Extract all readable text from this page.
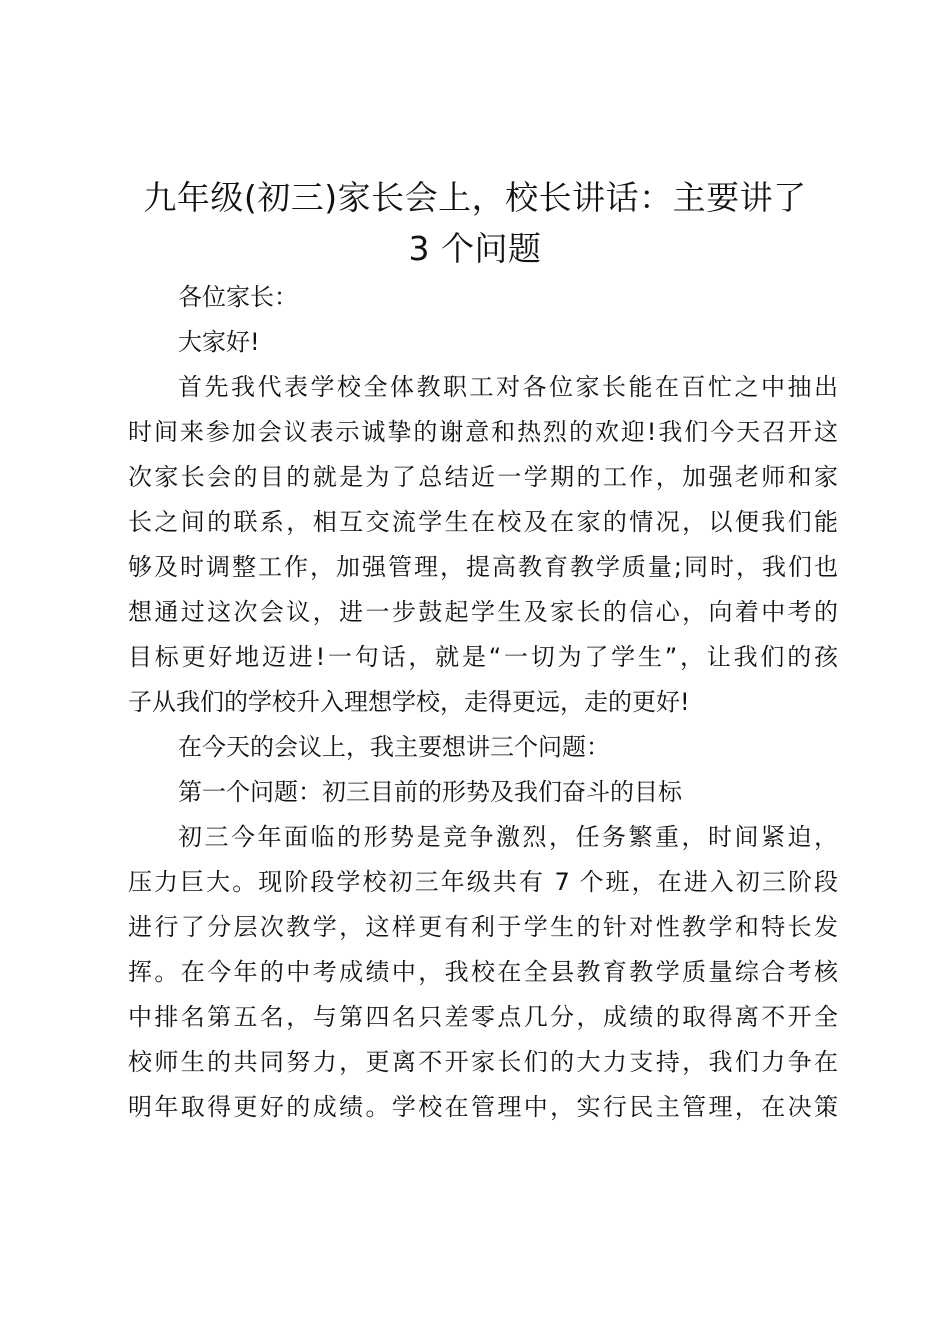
九年级(初三)家长会上，校长讲话：主要讲了
3 个问题
各位家长：
大家好!
首先我代表学校全体教职工对各位家长能在百忙之中抽出
时间来参加会议表示诚挚的谢意和热烈的欢迎!我们今天召开这
次家长会的目的就是为了总结近一学期的工作，加强老师和家
长之间的联系，相互交流学生在校及在家的情况，以便我们能
够及时调整工作，加强管理，提高教育教学质量;同时，我们也
想通过这次会议，进一步鼓起学生及家长的信心，向着中考的
目标更好地迈进!一句话，就是“一切为了学生”，让我们的孩
子从我们的学校升入理想学校，走得更远，走的更好!
在今天的会议上，我主要想讲三个问题：
第一个问题：初三目前的形势及我们奋斗的目标
初三今年面临的形势是竞争激烈，任务繁重，时间紧迫，
压力巨大。现阶段学校初三年级共有 7 个班，在进入初三阶段
进行了分层次教学，这样更有利于学生的针对性教学和特长发
挥。在今年的中考成绩中，我校在全县教育教学质量综合考核
中排名第五名，与第四名只差零点几分，成绩的取得离不开全
校师生的共同努力，更离不开家长们的大力支持，我们力争在
明年取得更好的成绩。学校在管理中，实行民主管理，在决策
